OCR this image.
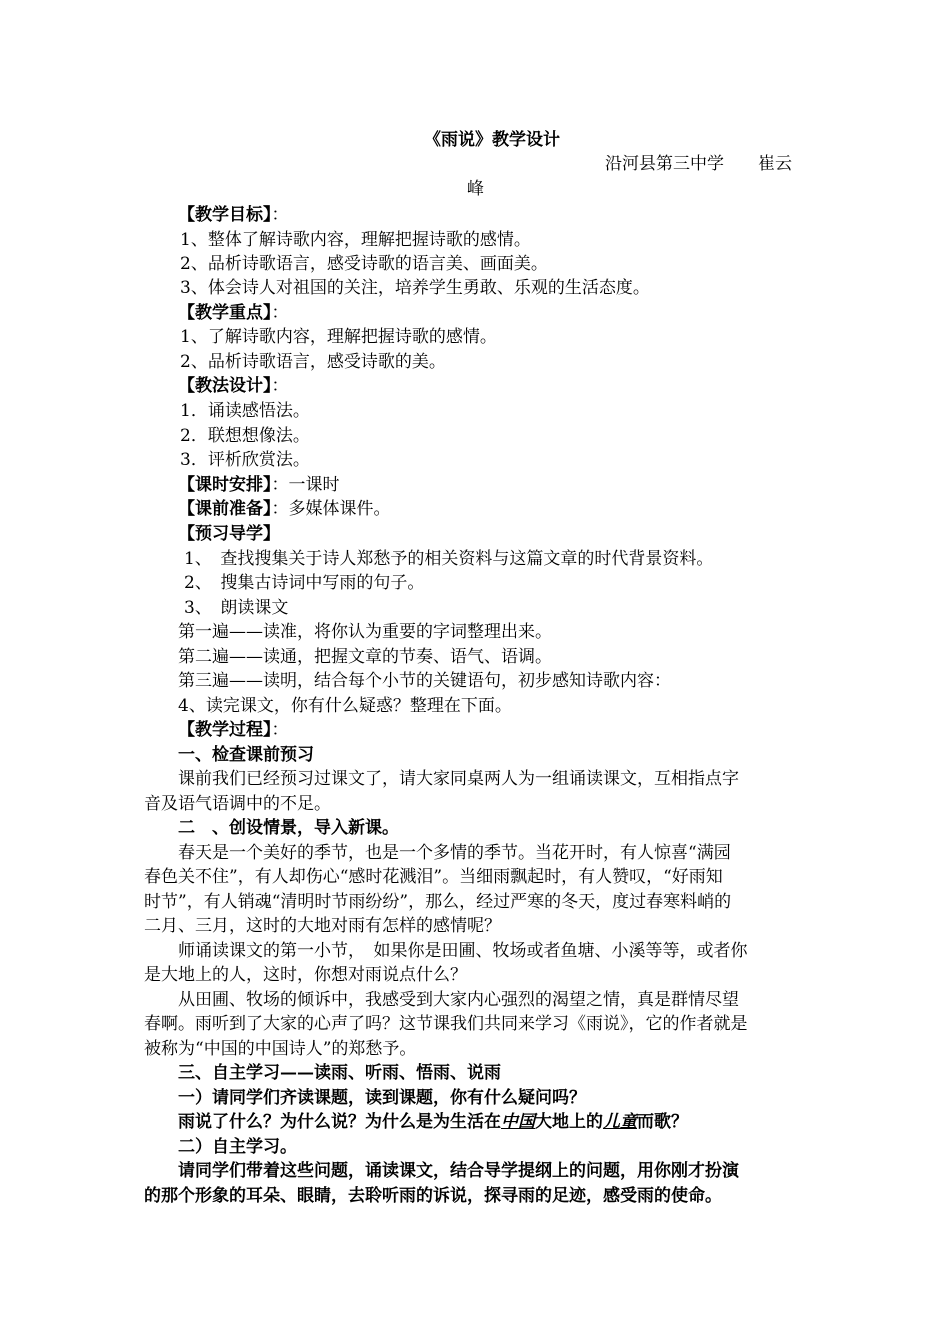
《雨说》教学设计
沿河县第三中学　　崔云
峰
【教学目标】：
1、整体了解诗歌内容，理解把握诗歌的感情。
2、品析诗歌语言，感受诗歌的语言美、画面美。
3、体会诗人对祖国的关注，培养学生勇敢、乐观的生活态度。
【教学重点】：
1、了解诗歌内容，理解把握诗歌的感情。
2、品析诗歌语言，感受诗歌的美。
【教法设计】：
1．诵读感悟法。
2．联想想像法。
3．评析欣赏法。
【课时安排】：一课时
【课前准备】：多媒体课件。
【预习导学】
1、　查找搜集关于诗人郑愁予的相关资料与这篇文章的时代背景资料。
2、　搜集古诗词中写雨的句子。
3、　朗读课文
第一遍——读准，将你认为重要的字词整理出来。
第二遍——读通，把握文章的节奏、语气、语调。
第三遍——读明，结合每个小节的关键语句，初步感知诗歌内容：
4、读完课文，你有什么疑惑？整理在下面。
【教学过程】：
一、检查课前预习
课前我们已经预习过课文了，请大家同桌两人为一组诵读课文，互相指点字
音及语气语调中的不足。
二　、创设情景，导入新课。
春天是一个美好的季节，也是一个多情的季节。当花开时，有人惊喜“满园
春色关不住”，有人却伤心“感时花溅泪”。当细雨飘起时，有人赞叹，“好雨知
时节”，有人销魂“清明时节雨纷纷”，那么，经过严寒的冬天，度过春寒料峭的
二月、三月，这时的大地对雨有怎样的感情呢？
师诵读课文的第一小节，　如果你是田圃、牧场或者鱼塘、小溪等等，或者你
是大地上的人，这时，你想对雨说点什么？
从田圃、牧场的倾诉中，我感受到大家内心强烈的渴望之情，真是群情尽望
春啊。雨听到了大家的心声了吗？这节课我们共同来学习《雨说》，它的作者就是
被称为“中国的中国诗人”的郑愁予。
三、自主学习——读雨、听雨、悟雨、说雨
一）请同学们齐读课题，读到课题，你有什么疑问吗？
雨说了什么？为什么说？为什么是为生活在中国大地上的儿童而歌？
二）自主学习。
请同学们带着这些问题，诵读课文，结合导学提纲上的问题，用你刚才扮演
的那个形象的耳朵、眼睛，去聆听雨的诉说，探寻雨的足迹，感受雨的使命。
